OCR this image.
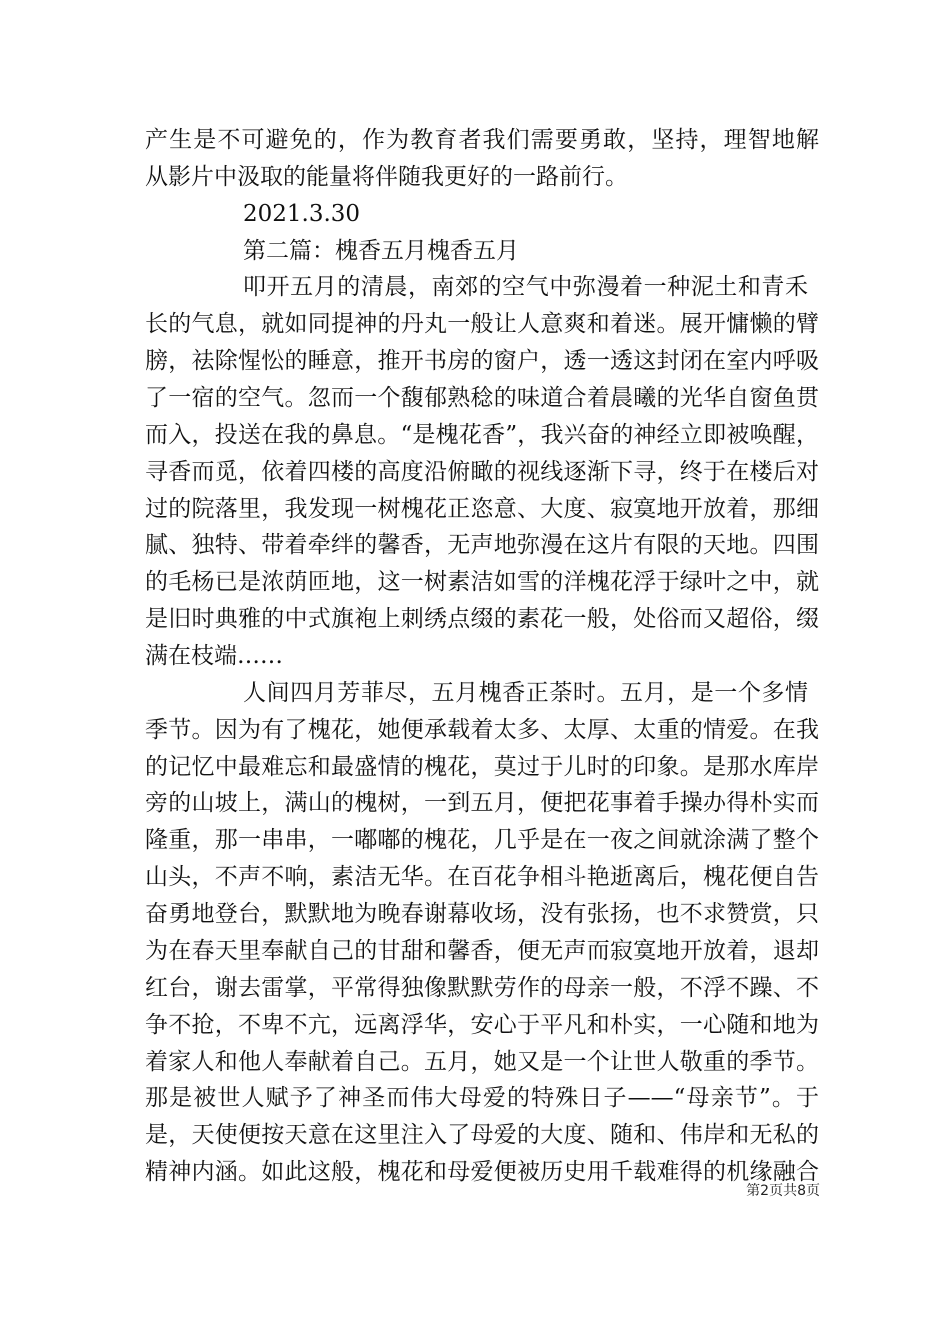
产生是不可避免的，作为教育者我们需要勇敢，坚持，理智地解
从影片中汲取的能量将伴随我更好的一路前行。
2021.3.30
第二篇：槐香五月槐香五月
叩开五月的清晨，南郊的空气中弥漫着一种泥土和青禾
长的气息，就如同提神的丹丸一般让人意爽和着迷。展开慵懒的臂
膀，祛除惺忪的睡意，推开书房的窗户，透一透这封闭在室内呼吸
了一宿的空气。忽而一个馥郁熟稔的味道合着晨曦的光华自窗鱼贯
而入，投送在我的鼻息。“是槐花香”，我兴奋的神经立即被唤醒，
寻香而觅，依着四楼的高度沿俯瞰的视线逐渐下寻，终于在楼后对
过的院落里，我发现一树槐花正恣意、大度、寂寞地开放着，那细
腻、独特、带着牵绊的馨香，无声地弥漫在这片有限的天地。四围
的毛杨已是浓荫匝地，这一树素洁如雪的洋槐花浮于绿叶之中，就
是旧时典雅的中式旗袍上刺绣点缀的素花一般，处俗而又超俗，缀
满在枝端……
人间四月芳菲尽，五月槐香正荼时。五月，是一个多情
季节。因为有了槐花，她便承载着太多、太厚、太重的情爱。在我
的记忆中最难忘和最盛情的槐花，莫过于儿时的印象。是那水库岸
旁的山坡上，满山的槐树，一到五月，便把花事着手操办得朴实而
隆重，那一串串，一嘟嘟的槐花，几乎是在一夜之间就涂满了整个
山头，不声不响，素洁无华。在百花争相斗艳逝离后，槐花便自告
奋勇地登台，默默地为晚春谢幕收场，没有张扬，也不求赞赏，只
为在春天里奉献自己的甘甜和馨香，便无声而寂寞地开放着，退却
红台，谢去雷掌，平常得独像默默劳作的母亲一般，不浮不躁、不
争不抢，不卑不亢，远离浮华，安心于平凡和朴实，一心随和地为
着家人和他人奉献着自己。五月，她又是一个让世人敬重的季节。
那是被世人赋予了神圣而伟大母爱的特殊日子——“母亲节”。于
是，天使便按天意在这里注入了母爱的大度、随和、伟岸和无私的
精神内涵。如此这般，槐花和母爱便被历史用千载难得的机缘融合
第2页共8页
